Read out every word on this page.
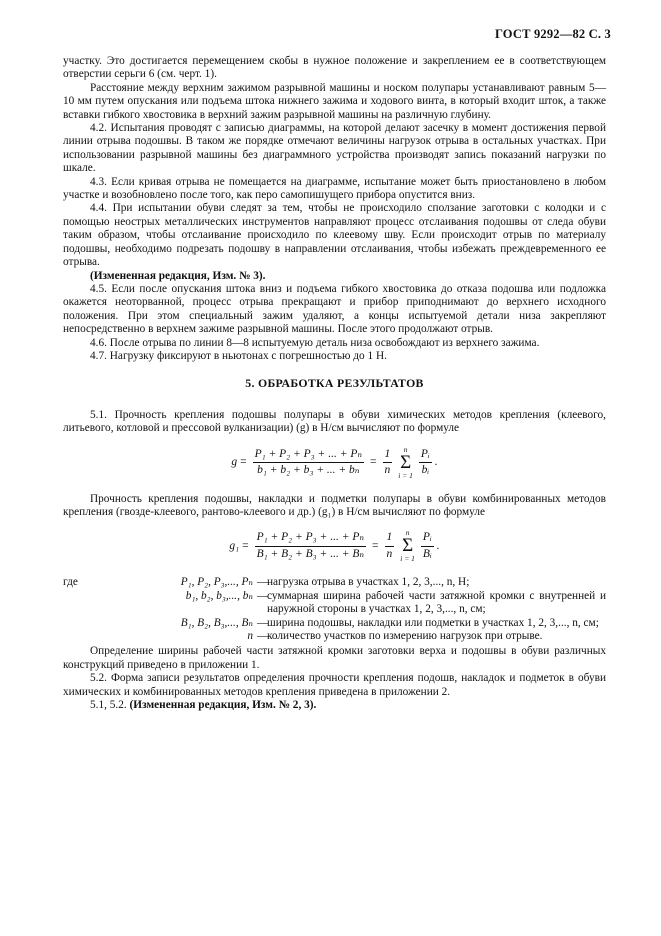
ГОСТ 9292—82 С. 3

участку. Это достигается перемещением скобы в нужное положение и закреплением ее в соответствующем отверстии серьги 6 (см. черт. 1).

Расстояние между верхним зажимом разрывной машины и носком полупары устанавливают равным 5—10 мм путем опускания или подъема штока нижнего зажима и ходового винта, в который входит шток, а также вставки гибкого хвостовика в верхний зажим разрывной машины на различную глубину.

4.2. Испытания проводят с записью диаграммы, на которой делают засечку в момент достижения первой линии отрыва подошвы. В таком же порядке отмечают величины нагрузок отрыва в остальных участках. При использовании разрывной машины без диаграммного устройства производят запись показаний нагрузки по шкале.

4.3. Если кривая отрыва не помещается на диаграмме, испытание может быть приостановлено в любом участке и возобновлено после того, как перо самопишущего прибора опустится вниз.

4.4. При испытании обуви следят за тем, чтобы не происходило сползание заготовки с колодки и с помощью неострых металлических инструментов направляют процесс отслаивания подошвы от следа обуви таким образом, чтобы отслаивание происходило по клеевому шву. Если происходит отрыв по материалу подошвы, необходимо подрезать подошву в направлении отслаивания, чтобы избежать преждевременного ее отрыва.

(Измененная редакция, Изм. № 3).

4.5. Если после опускания штока вниз и подъема гибкого хвостовика до отказа подошва или подложка окажется неоторванной, процесс отрыва прекращают и прибор приподнимают до верхнего исходного положения. При этом специальный зажим удаляют, а концы испытуемой детали низа закрепляют непосредственно в верхнем зажиме разрывной машины. После этого продолжают отрыв.

4.6. После отрыва по линии 8—8 испытуемую деталь низа освобождают из верхнего зажима.

4.7. Нагрузку фиксируют в ньютонах с погрешностью до 1 Н.

5. ОБРАБОТКА РЕЗУЛЬТАТОВ

5.1. Прочность крепления подошвы полупары в обуви химических методов крепления (клеевого, литьевого, котловой и прессовой вулканизации) (g) в Н/см вычисляют по формуле

$g = \frac{\text{P₁ + P₂ + P₃ + ... + Pₙ}}{\text{b₁ + b₂ + b₃ + ... + bₙ}} = \frac{1}{n}$ n
Σ
$i = 1 \frac{\text{Pᵢ}}{\text{bᵢ}}$ .

Прочность крепления подошвы, накладки и подметки полупары в обуви комбинированных методов крепления (гвозде-клеевого, рантово-клеевого и др.) (g₁) в Н/см вычисляют по формуле

$g_1 = \frac{\text{P₁ + P₂ + P₃ + ... + Pₙ}}{\text{B₁ + B₂ + B₃ + ... + Bₙ}} = \frac{1}{n}$ n
Σ
$i = 1 \frac{\text{Pᵢ}}{\text{Bᵢ}}$ .
где	P₁, P₂, P₃,..., Pₙ —
нагрузка отрыва в участках 1, 2, 3,..., n, Н;
b₁, b₂, b₃,..., bₙ —
суммарная ширина рабочей части затяжной кромки с внутренней и наружной стороны в участках 1, 2, 3,..., n, см;
B₁, B₂, B₃,..., Bₙ —
ширина подошвы, накладки или подметки в участках 1, 2, 3,..., n, см;
n —
количество участков по измерению нагрузок при отрыве.

Определение ширины рабочей части затяжной кромки заготовки верха и подошвы в обуви различных конструкций приведено в приложении 1.

5.2. Форма записи результатов определения прочности крепления подошв, накладок и подметок в обуви химических и комбинированных методов крепления приведена в приложении 2.

5.1, 5.2. (Измененная редакция, Изм. № 2, 3).
